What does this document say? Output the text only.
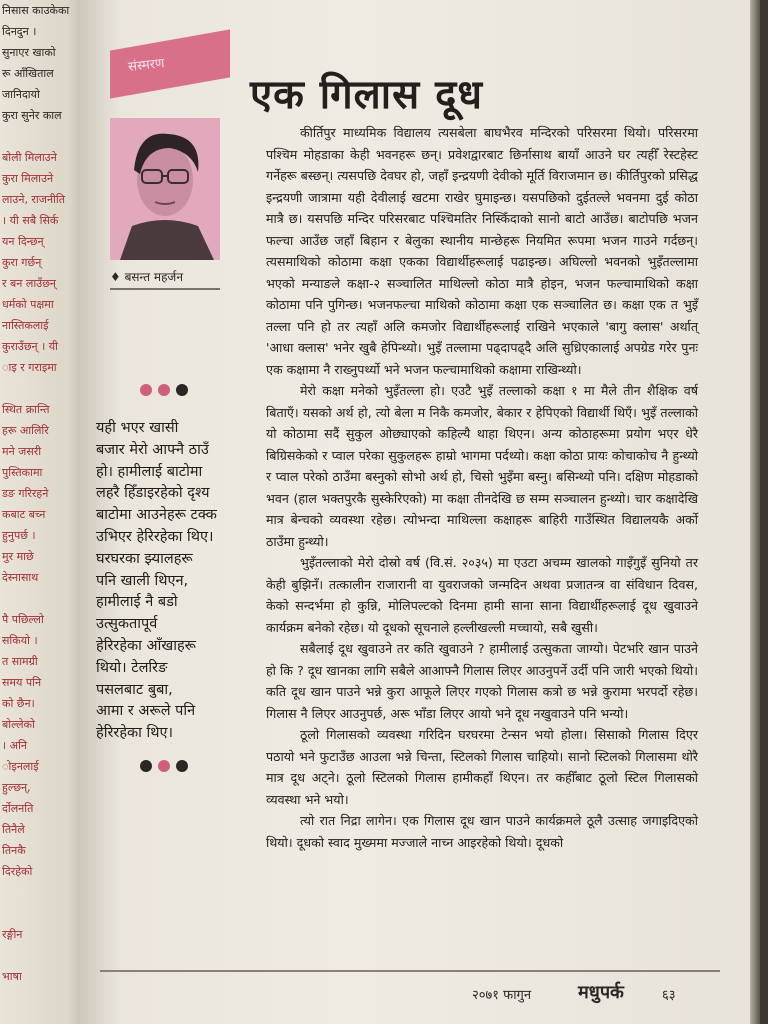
निसास काउकेका
दिनदुन ।
सुनाएर खाको
रू आँखिताल
जानिदायो
कुरा सुनेर काल

बोली मिलाउने
कुरा मिलाउने
लाउने, राजनीति
। यी सबै सिर्क
यन दिन्छन्
कुरा गर्छन्
र बन लाउँछन्
धर्मको पक्षमा
नास्तिकलाई
कुराउँछन् । यी
ाइ र गराइमा

स्थित क्रान्ति
हरू आलिरि
मने जसरी
पुस्तिकामा
डङ गरिरहने
कबाट बच्न
हुनुपर्छ ।
मुर माछे
देस्नासाथ

पै पछिल्लो
सकियो ।
त सामग्री
समय पनि
को छैन।
बोल्लेको
। अनि
ोइनलाई
हुल्छन्,
र्दोलनति
तिनैले
तिनकै
दिरहेको

रङ्गीन

भाषा
संस्मरण
एक गिलास दूध
♦ बसन्त महर्जन
यही भएर खासी
बजार मेरो आफ्नै ठाउँ
हो। हामीलाई बाटोमा
लहरै हिँडाइरहेको दृश्य
बाटोमा आउनेहरू टक्क
उभिएर हेरिरहेका थिए।
घरघरका झ्यालहरू
पनि खाली थिएन,
हामीलाई नै बडो
उत्सुकतापूर्व
हेरिरहेका आँखाहरू
थियो। टेलरिङ
पसलबाट बुबा,
आमा र अरूले पनि
हेरिरहेका थिए।

कीर्तिपुर माध्यमिक विद्यालय त्यसबेला बाघभैरव मन्दिरको परिसरमा थियो। परिसरमा पश्चिम मोहडाका केही भवनहरू छन्। प्रवेशद्वारबाट छिर्नासाथ बायाँ आउने घर त्यहीँ रेस्टहेस्ट गर्नेहरू बस्छन्। त्यसपछि देवघर हो, जहाँ इन्द्रयणी देवीको मूर्ति विराजमान छ। कीर्तिपुरको प्रसिद्ध इन्द्रयणी जात्रामा यही देवीलाई खटमा राखेर घुमाइन्छ। यसपछिको दुईतल्ले भवनमा दुई कोठा मात्रै छ। यसपछि मन्दिर परिसरबाट पश्चिमतिर निस्किँदाको सानो बाटो आउँछ। बाटोपछि भजन फल्चा आउँछ जहाँ बिहान र बेलुका स्थानीय मान्छेहरू नियमित रूपमा भजन गाउने गर्दछन्। त्यसमाथिको कोठामा कक्षा एकका विद्यार्थीहरूलाई पढाइन्छ। अघिल्लो भवनको भुइँतल्लामा भएको मन्याङले कक्षा-२ सञ्चालित माथिल्लो कोठा मात्रै होइन, भजन फल्चामाथिको कक्षा कोठामा पनि पुगिन्छ। भजनफल्चा माथिको कोठामा कक्षा एक सञ्चालित छ। कक्षा एक त भुइँ तल्ला पनि हो तर त्यहाँ अलि कमजोर विद्यार्थीहरूलाई राखिने भएकाले 'बागु क्लास' अर्थात् 'आधा क्लास' भनेर खुबै हेपिन्थ्यो। भुइँ तल्लामा पढ्दापढ्दै अलि सुध्रिएकालाई अपग्रेड गरेर पुनः एक कक्षामा नै राख्नुपर्थ्यो भने भजन फल्चामाथिको कक्षामा राखिन्थ्यो।

मेरो कक्षा मनेको भुइँतल्ला हो। एउटै भुइँ तल्लाको कक्षा १ मा मैले तीन शैक्षिक वर्ष बिताएँ। यसको अर्थ हो, त्यो बेला म निकै कमजोर, बेकार र हेपिएको विद्यार्थी थिएँ। भुइँ तल्लाको यो कोठामा सदैं सुकुल ओछ्याएको कहिल्यै थाहा थिएन। अन्य कोठाहरूमा प्रयोग भएर धेरै बिग्रिसकेको र प्वाल परेका सुकुलहरू हाम्रो भागमा पर्दथ्यो। कक्षा कोठा प्रायः कोचाकोच नै हुन्थ्यो र प्वाल परेको ठाउँमा बस्नुको सोभो अर्थ हो, चिसो भुइँमा बस्नु। बसिन्थ्यो पनि। दक्षिण मोहडाको भवन (हाल भक्तपुरकै सुस्केरिएको) मा कक्षा तीनदेखि छ सम्म सञ्चालन हुन्थ्यो। चार कक्षादेखि मात्र बेन्चको व्यवस्था रहेछ। त्योभन्दा माथिल्ला कक्षाहरू बाहिरी गाउँस्थित विद्यालयकै अर्को ठाउँमा हुन्थ्यो।

भुइँतल्लाको मेरो दोस्रो वर्ष (वि.सं. २०३५) मा एउटा अचम्म खालको गाइँगुइँ सुनियो तर केही बुझिनँ। तत्कालीन राजारानी वा युवराजको जन्मदिन अथवा प्रजातन्त्र वा संविधान दिवस, केको सन्दर्भमा हो कुन्नि, मोलिपल्टको दिनमा हामी साना साना विद्यार्थीहरूलाई दूध खुवाउने कार्यक्रम बनेको रहेछ। यो दूधको सूचनाले हल्लीखल्ली मच्चायो, सबै खुसी।

सबैलाई दूध खुवाउने तर कति खुवाउने ? हामीलाई उत्सुकता जाग्यो। पेटभरि खान पाउने हो कि ? दूध खानका लागि सबैले आआफ्नै गिलास लिएर आउनुपर्ने उर्दी पनि जारी भएको थियो। कति दूध खान पाउने भन्ने कुरा आफूले लिएर गएको गिलास कत्रो छ भन्ने कुरामा भरपर्दो रहेछ। गिलास नै लिएर आउनुपर्छ, अरू भाँडा लिएर आयो भने दूध नखुवाउने पनि भन्यो।

ठूलो गिलासको व्यवस्था गरिदिन घरघरमा टेन्सन भयो होला। सिसाको गिलास दिएर पठायो भने फुटाउँछ आउला भन्ने चिन्ता, स्टिलको गिलास चाहियो। सानो स्टिलको गिलासमा थोरै मात्र दूध अट्ने। ठूलो स्टिलको गिलास हामीकहाँ थिएन। तर कहीँबाट ठूलो स्टिल गिलासको व्यवस्था भने भयो।

त्यो रात निद्रा लागेन। एक गिलास दूध खान पाउने कार्यक्रमले ठूलै उत्साह जगाइदिएको थियो। दूधको स्वाद मुख्ममा मज्जाले नाच्न आइरहेको थियो। दूधको

२०७१ फागुन	मधुपर्क	६३
